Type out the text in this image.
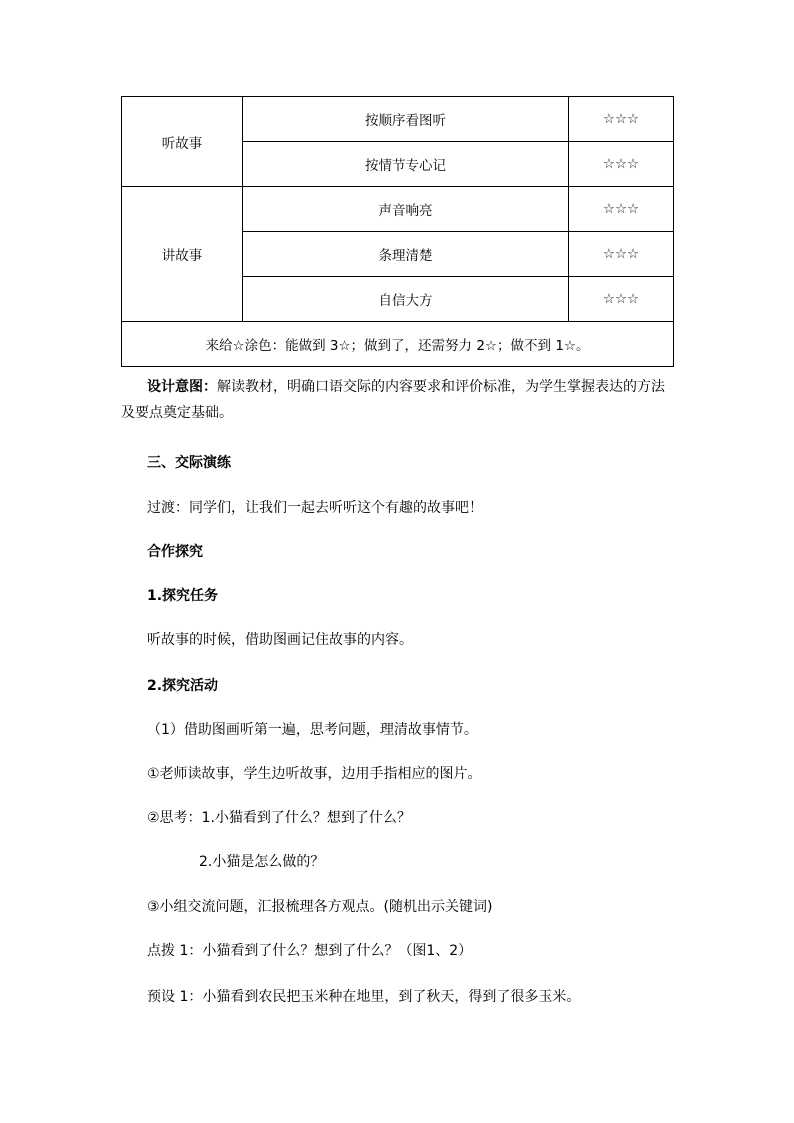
听故事	按顺序看图听	☆☆☆
	按情节专心记	☆☆☆
讲故事	声音响亮	☆☆☆
	条理清楚	☆☆☆
	自信大方	☆☆☆
来给☆涂色：能做到 3☆；做到了，还需努力 2☆；做不到 1☆。		
设计意图：解读教材，明确口语交际的内容要求和评价标准，为学生掌握表达的方法及要点奠定基础。
三、交际演练
过渡：同学们，让我们一起去听听这个有趣的故事吧！
合作探究
1.探究任务
听故事的时候，借助图画记住故事的内容。
2.探究活动
（1）借助图画听第一遍，思考问题，理清故事情节。
①老师读故事，学生边听故事，边用手指相应的图片。
②思考：1.小猫看到了什么？想到了什么？
2.小猫是怎么做的？
③小组交流问题，汇报梳理各方观点。(随机出示关键词)
点拨 1：小猫看到了什么？想到了什么？（图1、2）
预设 1：小猫看到农民把玉米种在地里，到了秋天，得到了很多玉米。
